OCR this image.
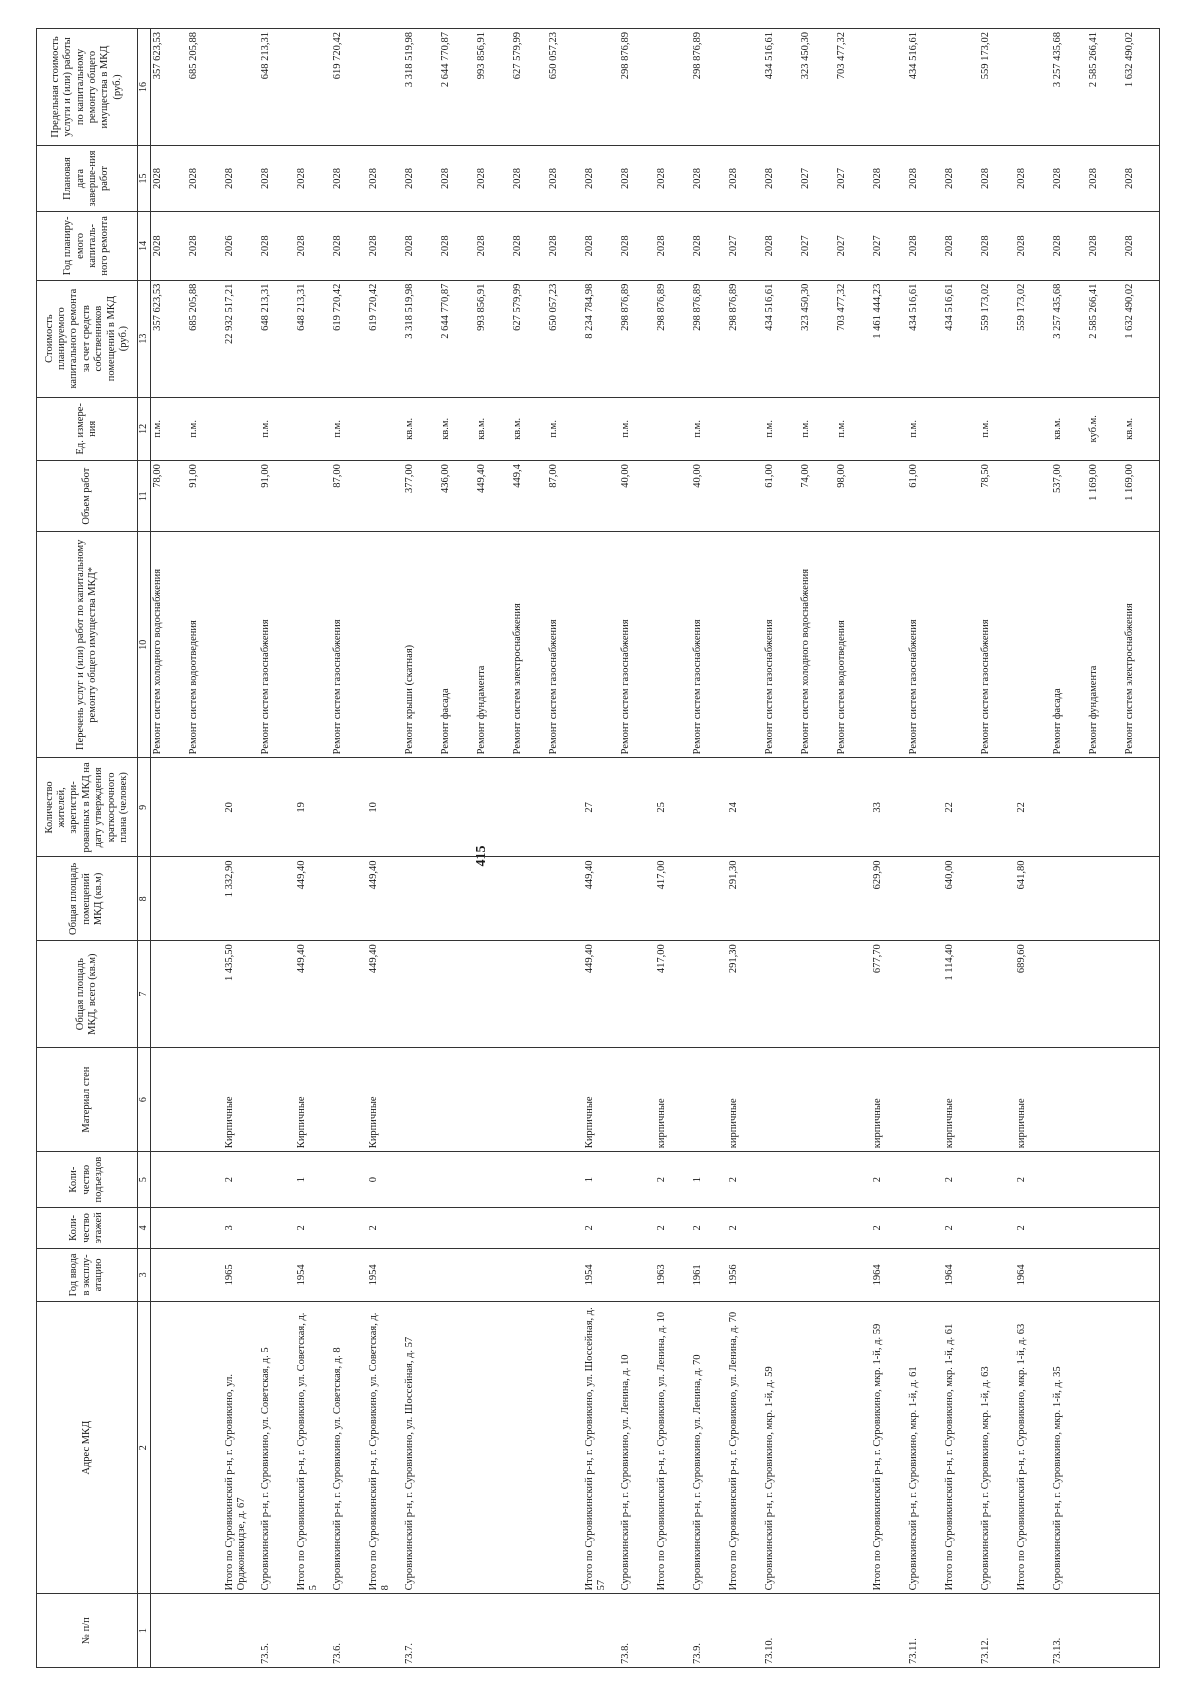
415
№ п/п	Адрес МКД	Год ввода в эксплу-атацию	Коли-чество этажей	Коли-чество подъездов	Материал стен	Общая площадь МКД, всего (кв.м)	Общая площадь помещений МКД (кв.м)	Количество жителей, зарегистри-рованных в МКД на дату утверждения краткосрочного плана (человек)	Перечень услуг и (или) работ по капитальному ремонту общего имущества МКД*	Объем работ	Ед. измере-ния	Стоимость планируемого капитального ремонта за счет средств собственников помещений в МКД (руб.)	Год планиру-емого капиталь-ного ремонта	Плановая дата заверше-ния работ	Предельная стоимость услуги и (или) работы по капитальному ремонту общего имущества в МКД (руб.)
1	2	3	4	5	6	7	8	9	10	11	12	13	14	15	16
									Ремонт систем холодного водоснабжения	78,00	п.м.	357 623,53	2028	2028	357 623,53
									Ремонт систем водоотведения	91,00	п.м.	685 205,88	2028	2028	685 205,88
	Итого по Суровикинский р-н, г. Суровикино, ул. Орджоникидзе, д. 67	1965	3	2	Кирпичные	1 435,50	1 332,90	20				22 932 517,21	2026	2028	
73.5.	Суровикинский р-н, г. Суровикино, ул. Советская, д. 5								Ремонт систем газоснабжения	91,00	п.м.	648 213,31	2028	2028	648 213,31
	Итого по Суровикинский р-н, г. Суровикино, ул. Советская, д. 5	1954	2	1	Кирпичные	449,40	449,40	19				648 213,31	2028	2028	
73.6.	Суровикинский р-н, г. Суровикино, ул. Советская, д. 8								Ремонт систем газоснабжения	87,00	п.м.	619 720,42	2028	2028	619 720,42
	Итого по Суровикинский р-н, г. Суровикино, ул. Советская, д. 8	1954	2	0	Кирпичные	449,40	449,40	10				619 720,42	2028	2028	
73.7.	Суровикинский р-н, г. Суровикино, ул. Шоссейная, д. 57								Ремонт крыши (скатная)	377,00	кв.м.	3 318 519,98	2028	2028	3 318 519,98
									Ремонт фасада	436,00	кв.м.	2 644 770,87	2028	2028	2 644 770,87
									Ремонт фундамента	449,40	кв.м.	993 856,91	2028	2028	993 856,91
									Ремонт систем электроснабжения	449,4	кв.м.	627 579,99	2028	2028	627 579,99
									Ремонт систем газоснабжения	87,00	п.м.	650 057,23	2028	2028	650 057,23
	Итого по Суровикинский р-н, г. Суровикино, ул. Шоссейная, д. 57	1954	2	1	Кирпичные	449,40	449,40	27				8 234 784,98	2028	2028	
73.8.	Суровикинский р-н, г. Суровикино, ул. Ленина, д. 10								Ремонт систем газоснабжения	40,00	п.м.	298 876,89	2028	2028	298 876,89
	Итого по Суровикинский р-н, г. Суровикино, ул. Ленина, д. 10	1963	2	2	кирпичные	417,00	417,00	25				298 876,89	2028	2028	
73.9.	Суровикинский р-н, г. Суровикино, ул. Ленина, д. 70	1961	2	1					Ремонт систем газоснабжения	40,00	п.м.	298 876,89	2028	2028	298 876,89
	Итого по Суровикинский р-н, г. Суровикино, ул. Ленина, д. 70	1956	2	2	кирпичные	291,30	291,30	24				298 876,89	2027	2028	
73.10.	Суровикинский р-н, г. Суровикино, мкр. 1-й, д. 59								Ремонт систем газоснабжения	61,00	п.м.	434 516,61	2028	2028	434 516,61
									Ремонт систем холодного водоснабжения	74,00	п.м.	323 450,30	2027	2027	323 450,30
									Ремонт систем водоотведения	98,00	п.м.	703 477,32	2027	2027	703 477,32
	Итого по Суровикинский р-н, г. Суровикино, мкр. 1-й, д. 59	1964	2	2	кирпичные	677,70	629,90	33				1 461 444,23	2027	2028	
73.11.	Суровикинский р-н, г. Суровикино, мкр. 1-й, д. 61								Ремонт систем газоснабжения	61,00	п.м.	434 516,61	2028	2028	434 516,61
	Итого по Суровикинский р-н, г. Суровикино, мкр. 1-й, д. 61	1964	2	2	кирпичные	1 114,40	640,00	22				434 516,61	2028	2028	
73.12.	Суровикинский р-н, г. Суровикино, мкр. 1-й, д. 63								Ремонт систем газоснабжения	78,50	п.м.	559 173,02	2028	2028	559 173,02
	Итого по Суровикинский р-н, г. Суровикино, мкр. 1-й, д. 63	1964	2	2	кирпичные	689,60	641,80	22				559 173,02	2028	2028	
73.13.	Суровикинский р-н, г. Суровикино, мкр. 1-й, д. 35								Ремонт фасада	537,00	кв.м.	3 257 435,68	2028	2028	3 257 435,68
									Ремонт фундамента	1 169,00	куб.м.	2 585 266,41	2028	2028	2 585 266,41
									Ремонт систем электроснабжения	1 169,00	кв.м.	1 632 490,02	2028	2028	1 632 490,02
